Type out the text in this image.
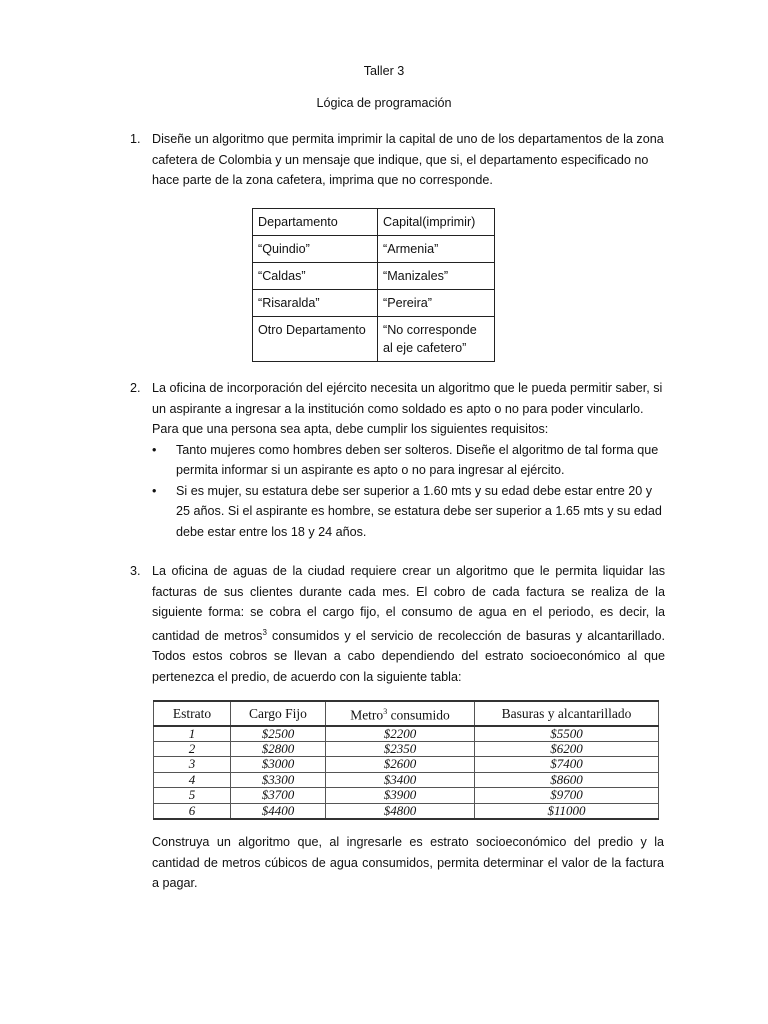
Taller 3
Lógica de programación
1. Diseñe un algoritmo que permita imprimir la capital de uno de los departamentos de la zona cafetera de Colombia y un mensaje que indique, que si, el departamento especificado no hace parte de la zona cafetera, imprima que no corresponde.
Departamento	Capital(imprimir)
“Quindio”	“Armenia”
“Caldas”	“Manizales”
“Risaralda”	“Pereira”
Otro Departamento	“No corresponde al eje cafetero”
2. La oficina de incorporación del ejército necesita un algoritmo que le pueda permitir saber, si un aspirante a ingresar a la institución como soldado es apto o no para poder vincularlo. Para que una persona sea apta, debe cumplir los siguientes requisitos:
• Tanto mujeres como hombres deben ser solteros. Diseñe el algoritmo de tal forma que permita informar si un aspirante es apto o no para ingresar al ejército.
• Si es mujer, su estatura debe ser superior a 1.60 mts y su edad debe estar entre 20 y 25 años. Si el aspirante es hombre, se estatura debe ser superior a 1.65 mts y su edad debe estar entre los 18 y 24 años.
3. La oficina de aguas de la ciudad requiere crear un algoritmo que le permita liquidar las facturas de sus clientes durante cada mes. El cobro de cada factura se realiza de la siguiente forma: se cobra el cargo fijo, el consumo de agua en el periodo, es decir, la cantidad de metros$^3$ consumidos y el servicio de recolección de basuras y alcantarillado. Todos estos cobros se llevan a cabo dependiendo del estrato socioeconómico al que pertenezca el predio, de acuerdo con la siguiente tabla:
Estrato	Cargo Fijo	Metro$^3$ consumido	Basuras y alcantarillado
1	$2500	$2200	$5500
2	$2800	$2350	$6200
3	$3000	$2600	$7400
4	$3300	$3400	$8600
5	$3700	$3900	$9700
6	$4400	$4800	$11000
Construya un algoritmo que, al ingresarle es estrato socioeconómico del predio y la cantidad de metros cúbicos de agua consumidos, permita determinar el valor de la factura a pagar.
